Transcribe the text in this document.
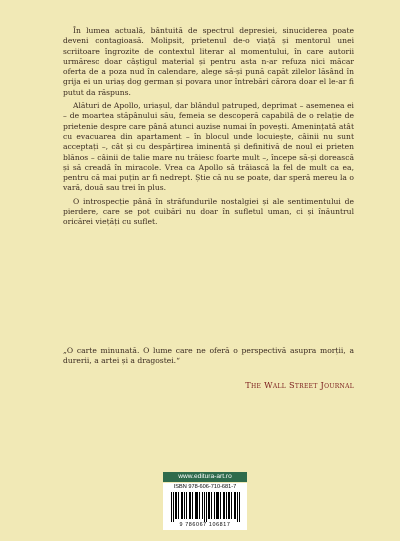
În lumea actuală, bântuită de spectrul depresiei, sinuciderea poate deveni contagioasă. Molipsit, prietenul de-o viață și mentorul unei scriitoare îngrozite de contextul literar al momentului, în care autorii urmăresc doar câștigul material și pentru asta n-ar refuza nici măcar oferta de a poza nud în calendare, alege să-și pună capăt zilelor lăsând în grija ei un uriaș dog german și povara unor întrebări cărora doar el le-ar fi putut da răspuns.

Alături de Apollo, uriașul, dar blândul patruped, deprimat – asemenea ei – de moartea stăpânului său, femeia se descoperă capabilă de o relație de prietenie despre care până atunci auzise numai în povești. Amenințată atât cu evacuarea din apartament – în blocul unde locuiește, câinii nu sunt acceptați –, cât și cu despărțirea iminentă și definitivă de noul ei prieten blănos – câinii de talie mare nu trăiesc foarte mult –, începe să-și dorească și să creadă în miracole. Vrea ca Apollo să trăiască la fel de mult ca ea, pentru că mai puțin ar fi nedrept. Știe că nu se poate, dar speră mereu la o vară, două sau trei în plus.

O introspecție până în străfundurile nostalgiei și ale sentimentului de pierdere, care se pot cuibări nu doar în sufletul uman, ci și înăuntrul oricărei viețăți cu suflet.

„O carte minunată. O lume care ne oferă o perspectivă asupra morții, a durerii, a artei și a dragostei.“

The Wall Street Journal
www.editura-art.ro
ISBN 978-606-710-681-7
9 786067 106817
